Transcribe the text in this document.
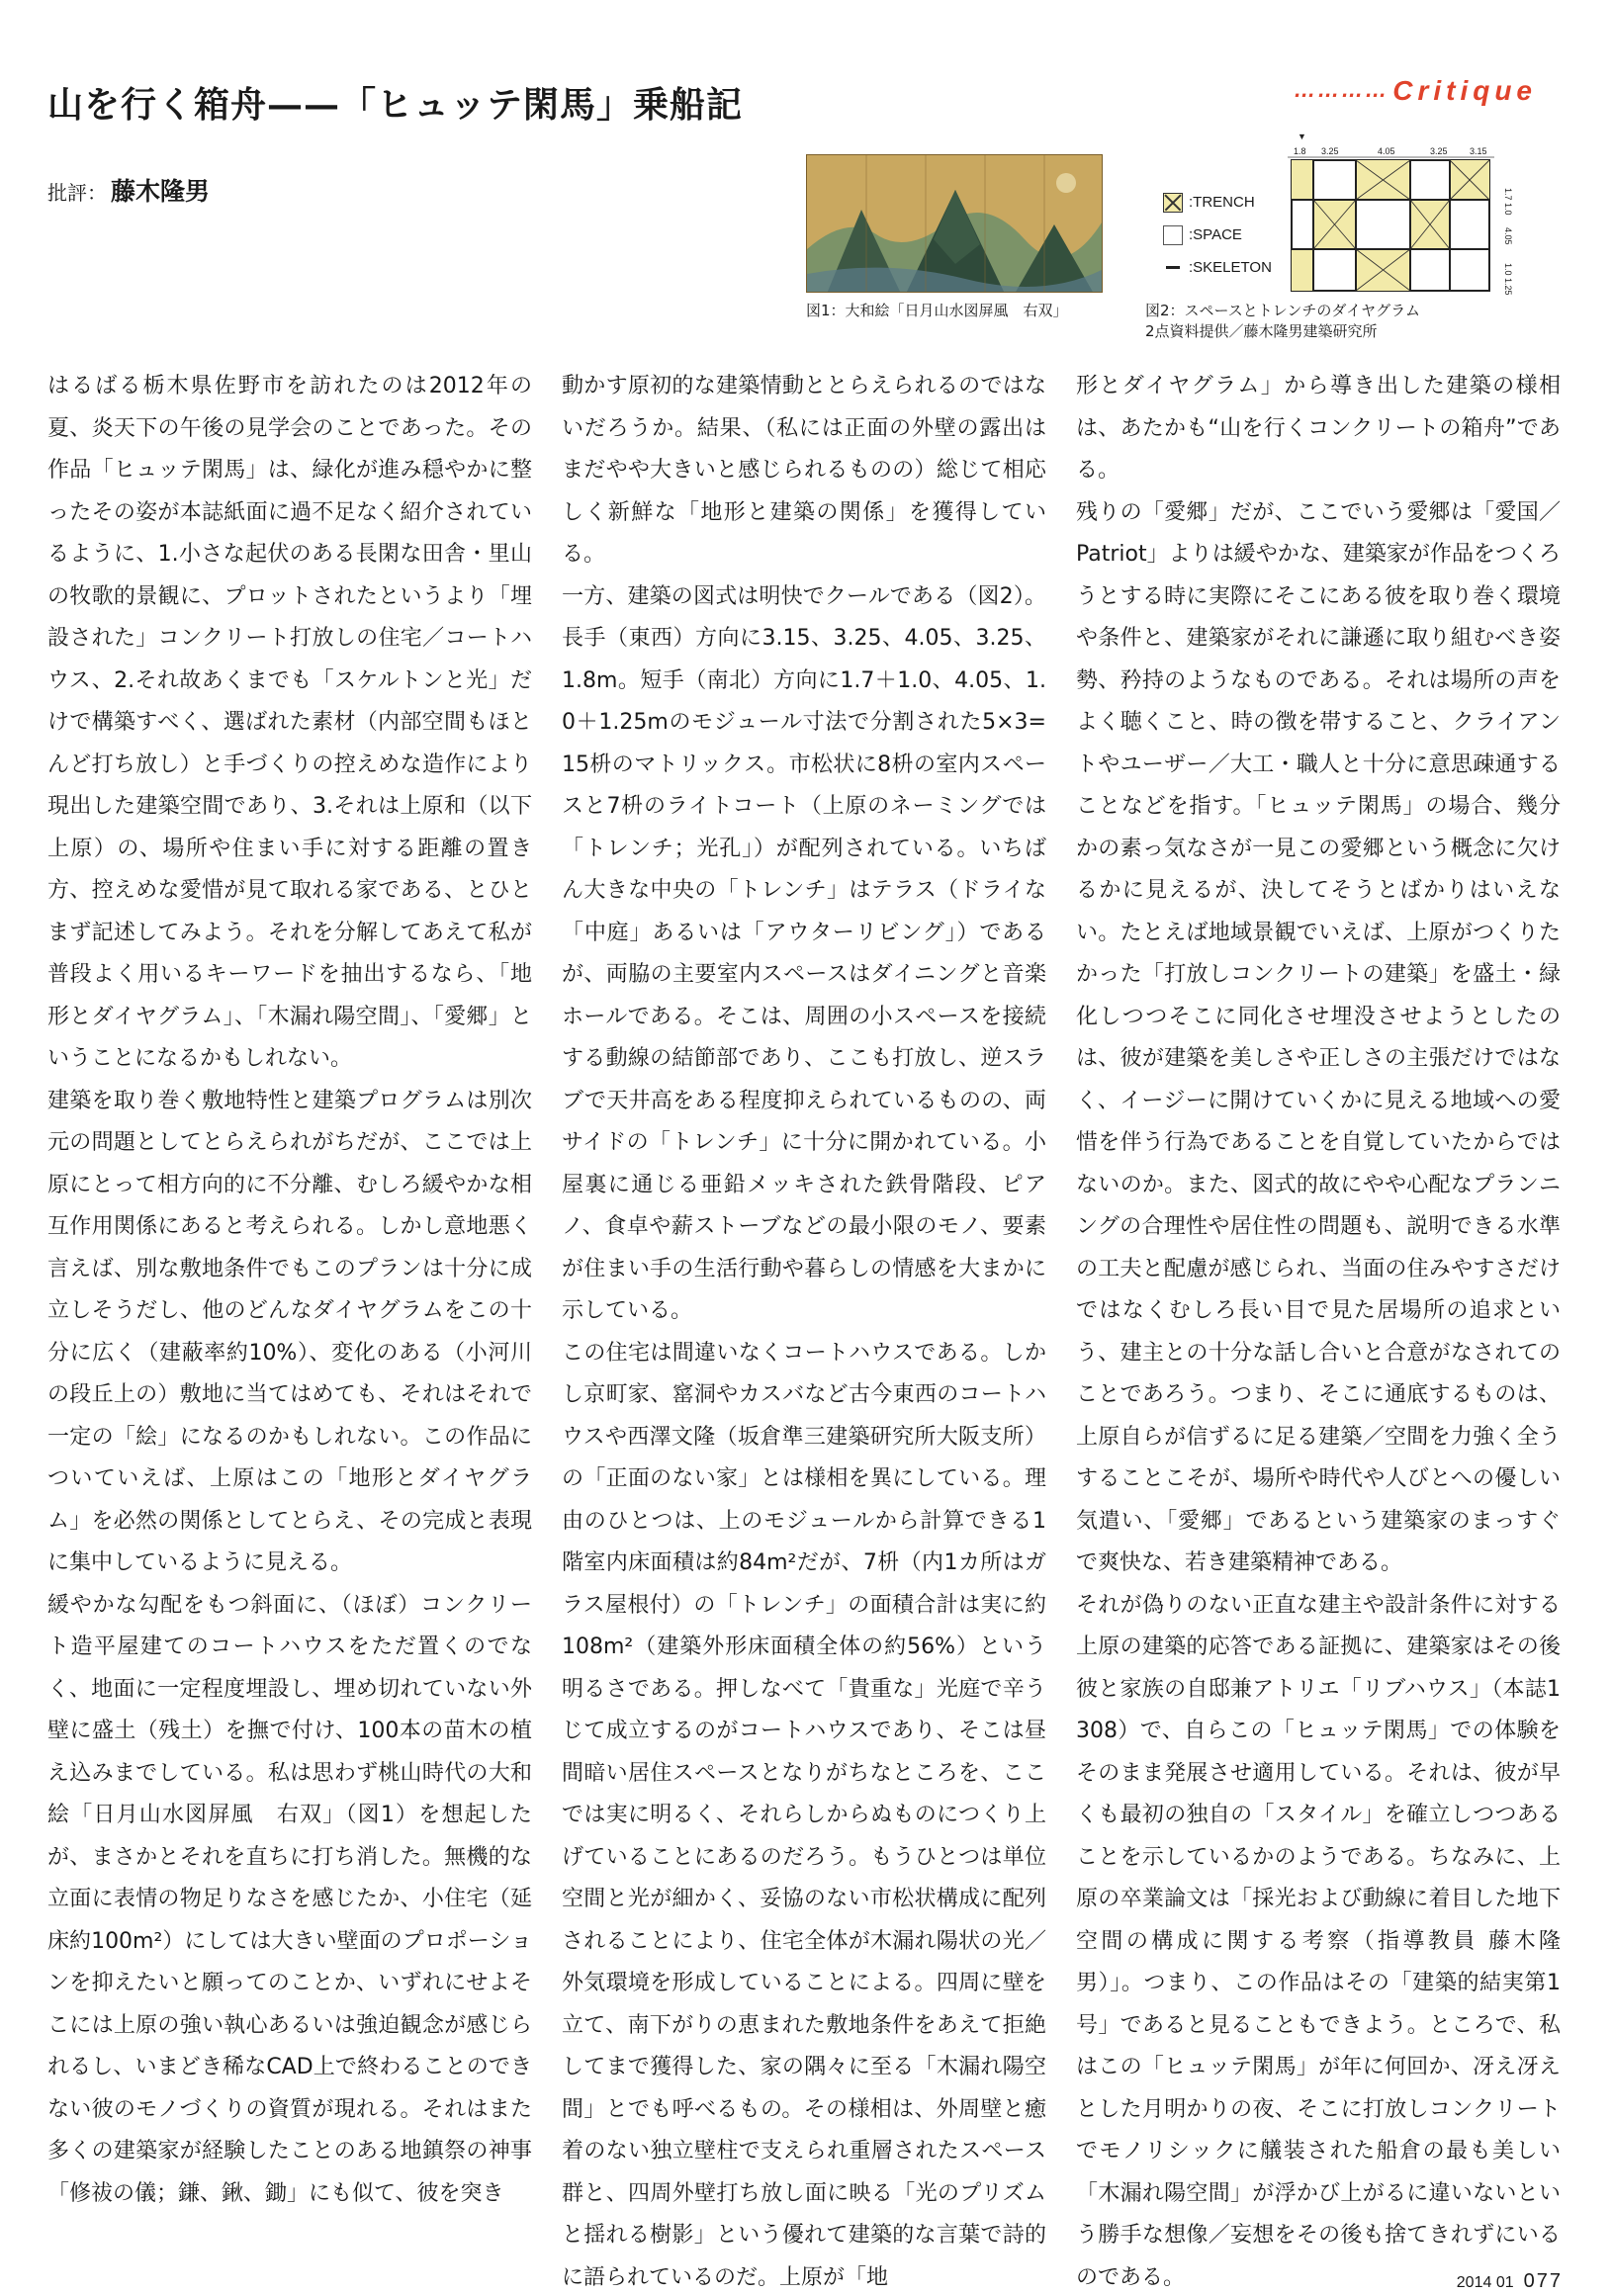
山を行く箱舟——「ヒュッテ閑馬」乗船記	………… Critique
批評： 藤木隆男
図1：大和絵「日月山水図屏風　右双」
:TRENCH
:SPACE
:SKELETON
▼
1.8 3.25	4.05	3.25 3.15
1.7 1.0
4.05
1.0 1.25
図2：スペースとトレンチのダイヤグラム
2点資料提供／藤木隆男建築研究所

はるばる栃木県佐野市を訪れたのは2012年の夏、炎天下の午後の見学会のことであった。その作品「ヒュッテ閑馬」は、緑化が進み穏やかに整ったその姿が本誌紙面に過不足なく紹介されているように、1.小さな起伏のある長閑な田舎・里山の牧歌的景観に、プロットされたというより「埋設された」コンクリート打放しの住宅／コートハウス、2.それ故あくまでも「スケルトンと光」だけで構築すべく、選ばれた素材（内部空間もほとんど打ち放し）と手づくりの控えめな造作により現出した建築空間であり、3.それは上原和（以下上原）の、場所や住まい手に対する距離の置き方、控えめな愛惜が見て取れる家である、とひとまず記述してみよう。それを分解してあえて私が普段よく用いるキーワードを抽出するなら、「地形とダイヤグラム」、「木漏れ陽空間」、「愛郷」ということになるかもしれない。

建築を取り巻く敷地特性と建築プログラムは別次元の問題としてとらえられがちだが、ここでは上原にとって相方向的に不分離、むしろ緩やかな相互作用関係にあると考えられる。しかし意地悪く言えば、別な敷地条件でもこのプランは十分に成立しそうだし、他のどんなダイヤグラムをこの十分に広く（建蔽率約10%）、変化のある（小河川の段丘上の）敷地に当てはめても、それはそれで一定の「絵」になるのかもしれない。この作品についていえば、上原はこの「地形とダイヤグラム」を必然の関係としてとらえ、その完成と表現に集中しているように見える。

緩やかな勾配をもつ斜面に、（ほぼ）コンクリート造平屋建てのコートハウスをただ置くのでなく、地面に一定程度埋設し、埋め切れていない外壁に盛土（残土）を撫で付け、100本の苗木の植え込みまでしている。私は思わず桃山時代の大和絵「日月山水図屏風　右双」（図1）を想起したが、まさかとそれを直ちに打ち消した。無機的な立面に表情の物足りなさを感じたか、小住宅（延床約100m²）にしては大きい壁面のプロポーションを抑えたいと願ってのことか、いずれにせよそこには上原の強い執心あるいは強迫観念が感じられるし、いまどき稀なCAD上で終わることのできない彼のモノづくりの資質が現れる。それはまた多くの建築家が経験したことのある地鎮祭の神事「修祓の儀；鎌、鍬、鋤」にも似て、彼を突き

動かす原初的な建築情動ととらえられるのではないだろうか。結果、（私には正面の外壁の露出はまだやや大きいと感じられるものの）総じて相応しく新鮮な「地形と建築の関係」を獲得している。

一方、建築の図式は明快でクールである（図2）。長手（東西）方向に3.15、3.25、4.05、3.25、1.8m。短手（南北）方向に1.7＋1.0、4.05、1.0＋1.25mのモジュール寸法で分割された5×3=15枡のマトリックス。市松状に8枡の室内スペースと7枡のライトコート（上原のネーミングでは「トレンチ；光孔」）が配列されている。いちばん大きな中央の「トレンチ」はテラス（ドライな「中庭」あるいは「アウターリビング」）であるが、両脇の主要室内スペースはダイニングと音楽ホールである。そこは、周囲の小スペースを接続する動線の結節部であり、ここも打放し、逆スラブで天井高をある程度抑えられているものの、両サイドの「トレンチ」に十分に開かれている。小屋裏に通じる亜鉛メッキされた鉄骨階段、ピアノ、食卓や薪ストーブなどの最小限のモノ、要素が住まい手の生活行動や暮らしの情感を大まかに示している。

この住宅は間違いなくコートハウスである。しかし京町家、窰洞やカスバなど古今東西のコートハウスや西澤文隆（坂倉準三建築研究所大阪支所）の「正面のない家」とは様相を異にしている。理由のひとつは、上のモジュールから計算できる1階室内床面積は約84m²だが、7枡（内1カ所はガラス屋根付）の「トレンチ」の面積合計は実に約108m²（建築外形床面積全体の約56%）という明るさである。押しなべて「貴重な」光庭で辛うじて成立するのがコートハウスであり、そこは昼間暗い居住スペースとなりがちなところを、ここでは実に明るく、それらしからぬものにつくり上げていることにあるのだろう。もうひとつは単位空間と光が細かく、妥協のない市松状構成に配列されることにより、住宅全体が木漏れ陽状の光／外気環境を形成していることによる。四周に壁を立て、南下がりの恵まれた敷地条件をあえて拒絶してまで獲得した、家の隅々に至る「木漏れ陽空間」とでも呼べるもの。その様相は、外周壁と癒着のない独立壁柱で支えられ重層されたスペース群と、四周外壁打ち放し面に映る「光のプリズムと揺れる樹影」という優れて建築的な言葉で詩的に語られているのだ。上原が「地

形とダイヤグラム」から導き出した建築の様相は、あたかも“山を行くコンクリートの箱舟”である。

残りの「愛郷」だが、ここでいう愛郷は「愛国／Patriot」よりは緩やかな、建築家が作品をつくろうとする時に実際にそこにある彼を取り巻く環境や条件と、建築家がそれに謙遜に取り組むべき姿勢、矜持のようなものである。それは場所の声をよく聴くこと、時の徴を帯すること、クライアントやユーザー／大工・職人と十分に意思疎通することなどを指す。「ヒュッテ閑馬」の場合、幾分かの素っ気なさが一見この愛郷という概念に欠けるかに見えるが、決してそうとばかりはいえない。たとえば地域景観でいえば、上原がつくりたかった「打放しコンクリートの建築」を盛土・緑化しつつそこに同化させ埋没させようとしたのは、彼が建築を美しさや正しさの主張だけではなく、イージーに開けていくかに見える地域への愛惜を伴う行為であることを自覚していたからではないのか。また、図式的故にやや心配なプランニングの合理性や居住性の問題も、説明できる水準の工夫と配慮が感じられ、当面の住みやすさだけではなくむしろ長い目で見た居場所の追求という、建主との十分な話し合いと合意がなされてのことであろう。つまり、そこに通底するものは、上原自らが信ずるに足る建築／空間を力強く全うすることこそが、場所や時代や人びとへの優しい気遣い、「愛郷」であるという建築家のまっすぐで爽快な、若き建築精神である。

それが偽りのない正直な建主や設計条件に対する上原の建築的応答である証拠に、建築家はその後彼と家族の自邸兼アトリエ「リブハウス」（本誌1308）で、自らこの「ヒュッテ閑馬」での体験をそのまま発展させ適用している。それは、彼が早くも最初の独自の「スタイル」を確立しつつあることを示しているかのようである。ちなみに、上原の卒業論文は「採光および動線に着目した地下空間の構成に関する考察（指導教員 藤木隆男）」。つまり、この作品はその「建築的結実第1号」であると見ることもできよう。ところで、私はこの「ヒュッテ閑馬」が年に何回か、冴え冴えとした月明かりの夜、そこに打放しコンクリートでモノリシックに艤装された船倉の最も美しい「木漏れ陽空間」が浮かび上がるに違いないという勝手な想像／妄想をその後も捨てきれずにいるのである。	2014 01 077
